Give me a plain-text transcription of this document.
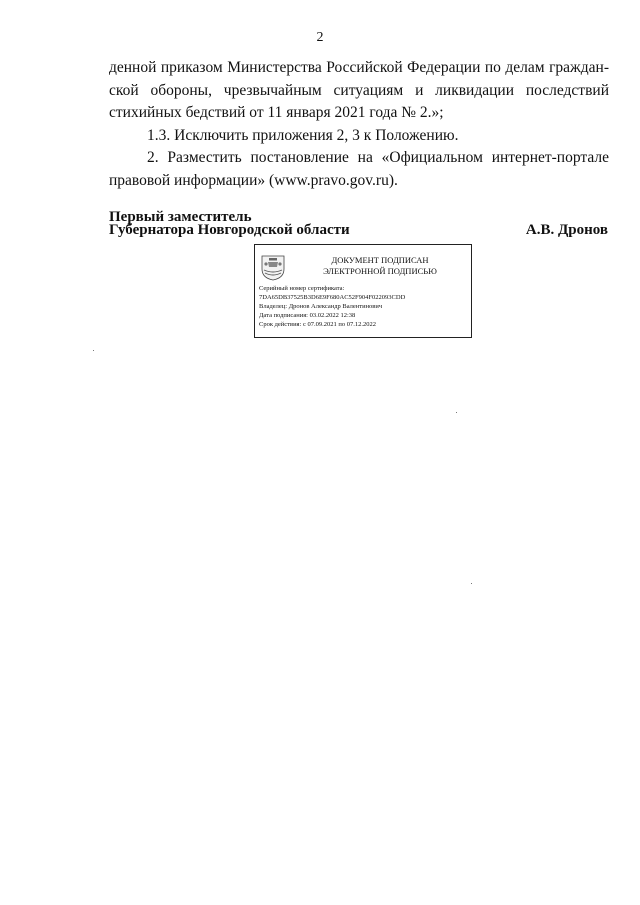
2

денной приказом Министерства Российской Федерации по делам граждан-ской обороны, чрезвычайным ситуациям и ликвидации последствий стихийных бедствий от 11 января 2021 года № 2.»;

1.3. Исключить приложения 2, 3 к Положению.

2. Разместить постановление на «Официальном интернет-портале правовой информации» (www.pravo.gov.ru).

Первый заместитель
Губернатора Новгородской области	А.В. Дронов
ДОКУМЕНТ ПОДПИСАН
ЭЛЕКТРОННОЙ ПОДПИСЬЮ
Серийный номер сертификата:
7DA65DB37525B3D6E9F680AC52F904F022093CDD
Владелец: Дронов Александр Валентинович
Дата подписания: 03.02.2022 12:38
Срок действия: с 07.09.2021 по 07.12.2022
